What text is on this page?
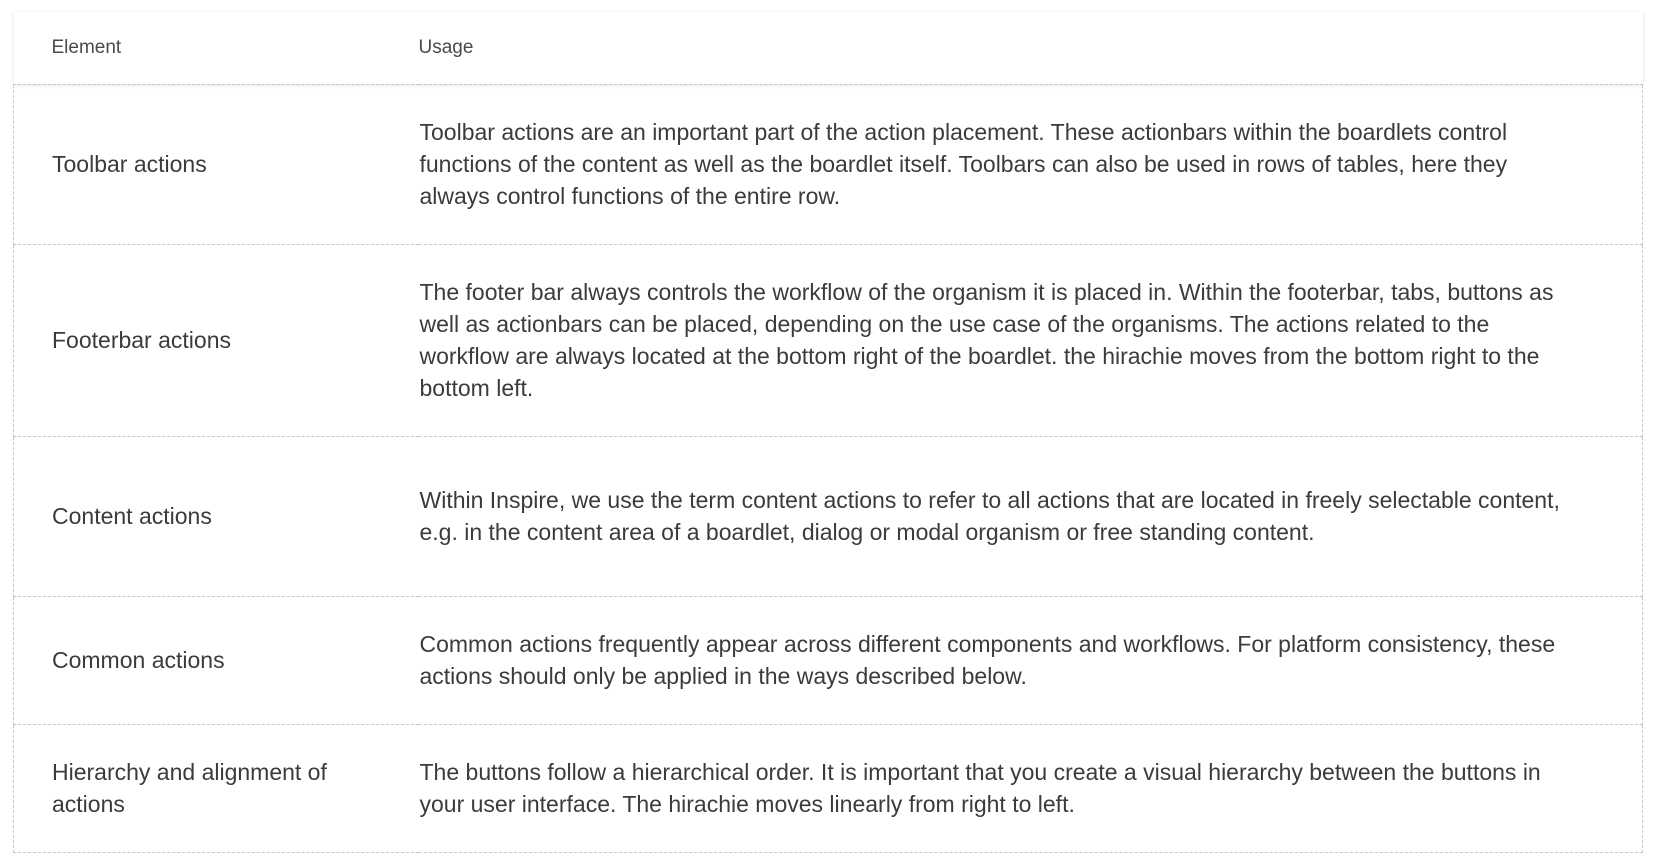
Element	Usage
Toolbar actions	Toolbar actions are an important part of the action placement. These actionbars within the boardlets control functions of the content as well as the boardlet itself. Toolbars can also be used in rows of tables, here they always control functions of the entire row.
Footerbar actions	The footer bar always controls the workflow of the organism it is placed in. Within the footerbar, tabs, buttons as well as actionbars can be placed, depending on the use case of the organisms. The actions related to the workflow are always located at the bottom right of the boardlet. the hirachie moves from the bottom right to the bottom left.
Content actions	Within Inspire, we use the term content actions to refer to all actions that are located in freely selectable content, e.g. in the content area of a boardlet, dialog or modal organism or free standing content.
Common actions	Common actions frequently appear across different components and workflows. For platform consistency, these actions should only be applied in the ways described below.
Hierarchy and alignment of actions	The buttons follow a hierarchical order. It is important that you create a visual hierarchy between the buttons in your user interface. The hirachie moves linearly from right to left.
